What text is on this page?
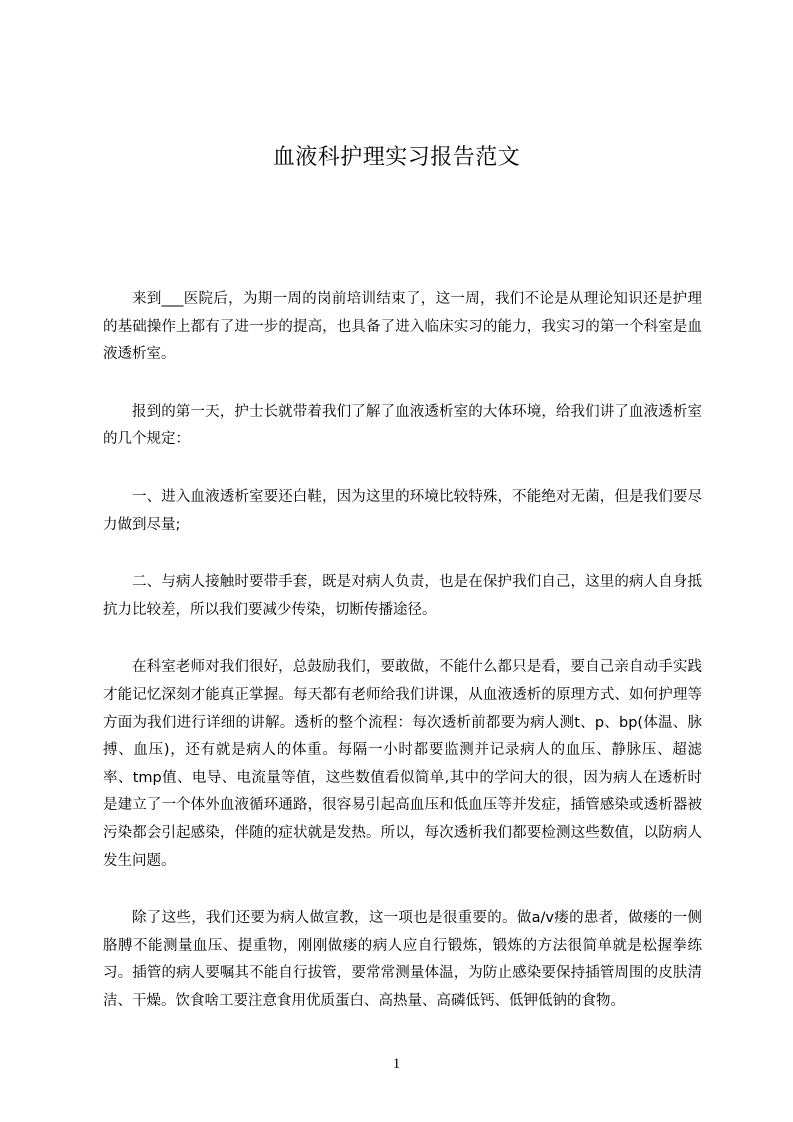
血液科护理实习报告范文

来到___医院后，为期一周的岗前培训结束了，这一周，我们不论是从理论知识还是护理的基础操作上都有了进一步的提高，也具备了进入临床实习的能力，我实习的第一个科室是血液透析室。

报到的第一天，护士长就带着我们了解了血液透析室的大体环境，给我们讲了血液透析室的几个规定：

一、进入血液透析室要还白鞋，因为这里的环境比较特殊，不能绝对无菌，但是我们要尽力做到尽量;

二、与病人接触时要带手套，既是对病人负责，也是在保护我们自己，这里的病人自身抵抗力比较差，所以我们要减少传染，切断传播途径。

在科室老师对我们很好，总鼓励我们，要敢做，不能什么都只是看，要自己亲自动手实践才能记忆深刻才能真正掌握。每天都有老师给我们讲课，从血液透析的原理方式、如何护理等方面为我们进行详细的讲解。透析的整个流程：每次透析前都要为病人测t、p、bp(体温、脉搏、血压)，还有就是病人的体重。每隔一小时都要监测并记录病人的血压、静脉压、超滤率、tmp值、电导、电流量等值，这些数值看似简单,其中的学问大的很，因为病人在透析时是建立了一个体外血液循环通路，很容易引起高血压和低血压等并发症，插管感染或透析器被污染都会引起感染，伴随的症状就是发热。所以，每次透析我们都要检测这些数值，以防病人发生问题。

除了这些，我们还要为病人做宣教，这一项也是很重要的。做a/v瘘的患者，做瘘的一侧胳膊不能测量血压、提重物，刚刚做瘘的病人应自行锻炼，锻炼的方法很简单就是松握拳练习。插管的病人要嘱其不能自行拔管，要常常测量体温，为防止感染要保持插管周围的皮肤清洁、干燥。饮食啥工要注意食用优质蛋白、高热量、高磷低钙、低钾低钠的食物。

1
